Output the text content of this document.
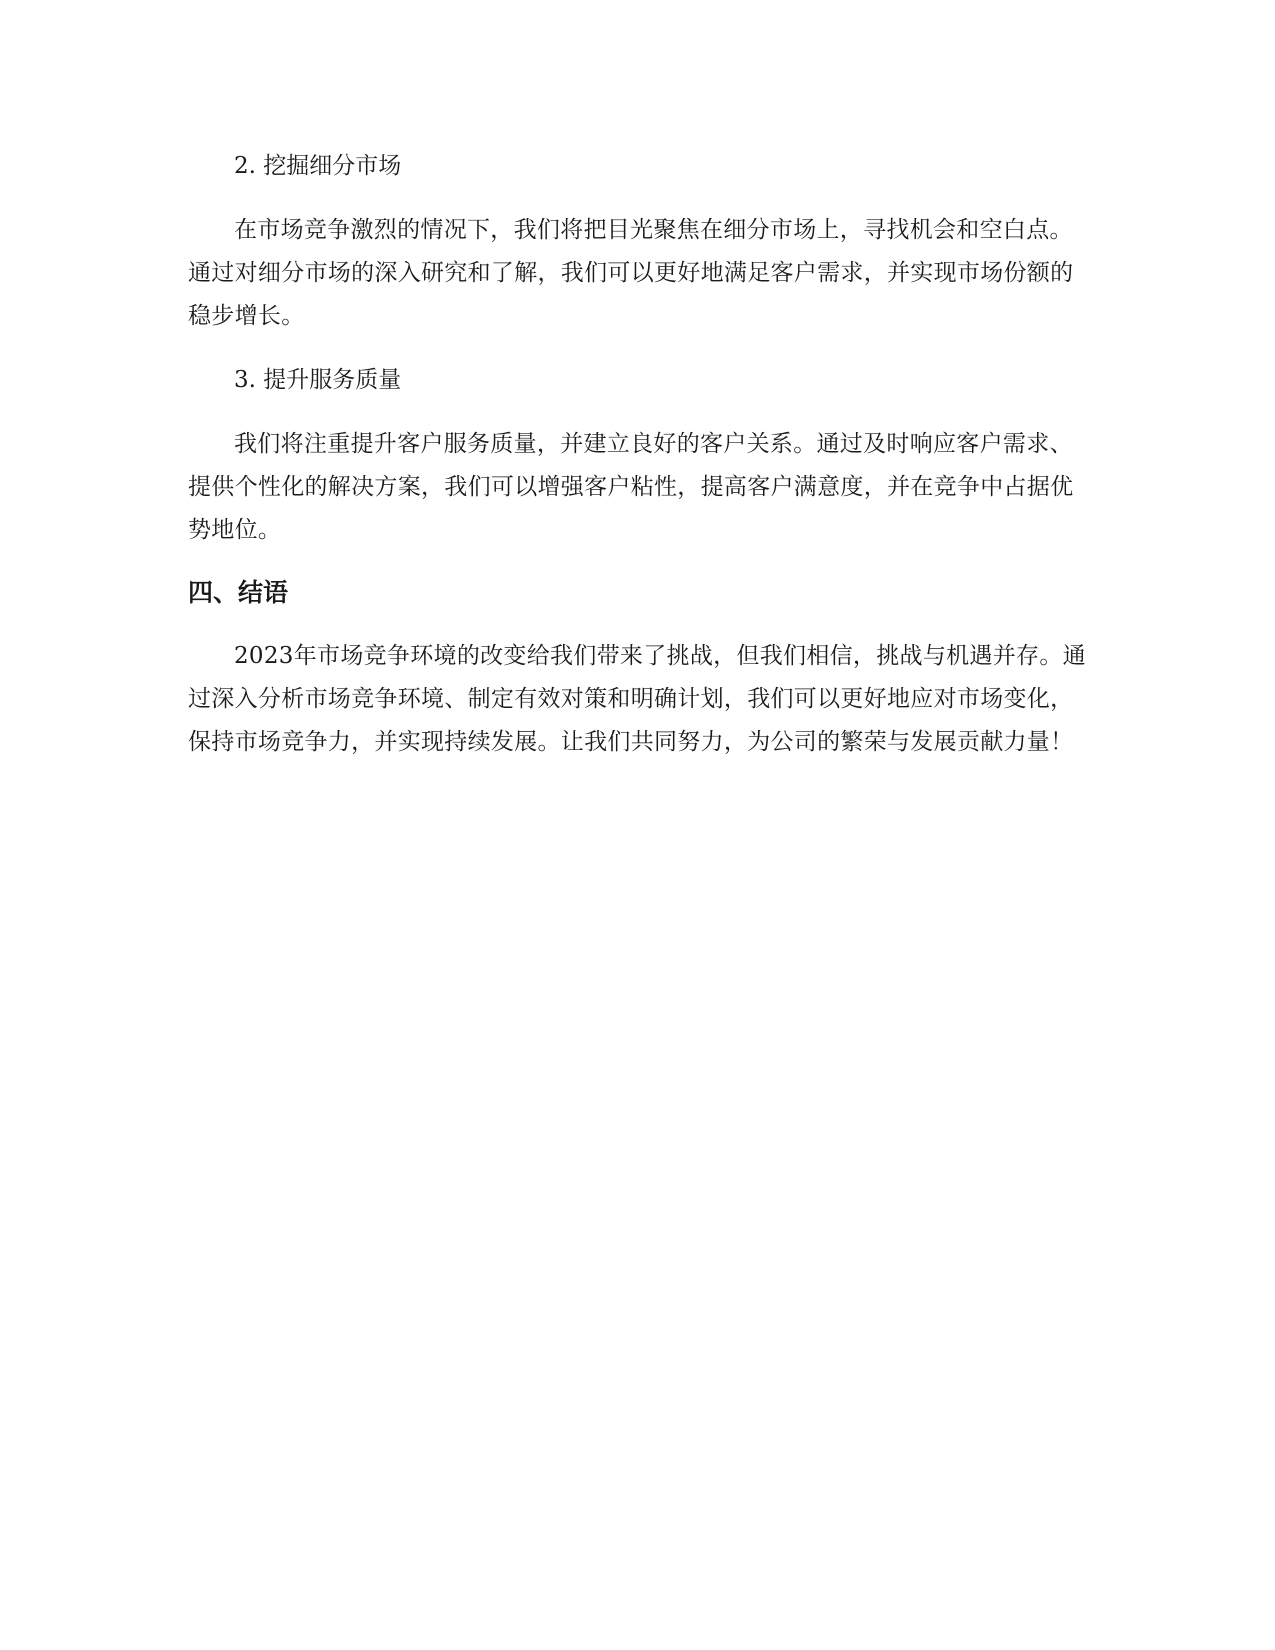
2. 挖掘细分市场

在市场竞争激烈的情况下，我们将把目光聚焦在细分市场上，寻找机会和空白点。通过对细分市场的深入研究和了解，我们可以更好地满足客户需求，并实现市场份额的稳步增长。

3. 提升服务质量

我们将注重提升客户服务质量，并建立良好的客户关系。通过及时响应客户需求、提供个性化的解决方案，我们可以增强客户粘性，提高客户满意度，并在竞争中占据优势地位。

四、结语

2023年市场竞争环境的改变给我们带来了挑战，但我们相信，挑战与机遇并存。通过深入分析市场竞争环境、制定有效对策和明确计划，我们可以更好地应对市场变化，保持市场竞争力，并实现持续发展。让我们共同努力，为公司的繁荣与发展贡献力量！
